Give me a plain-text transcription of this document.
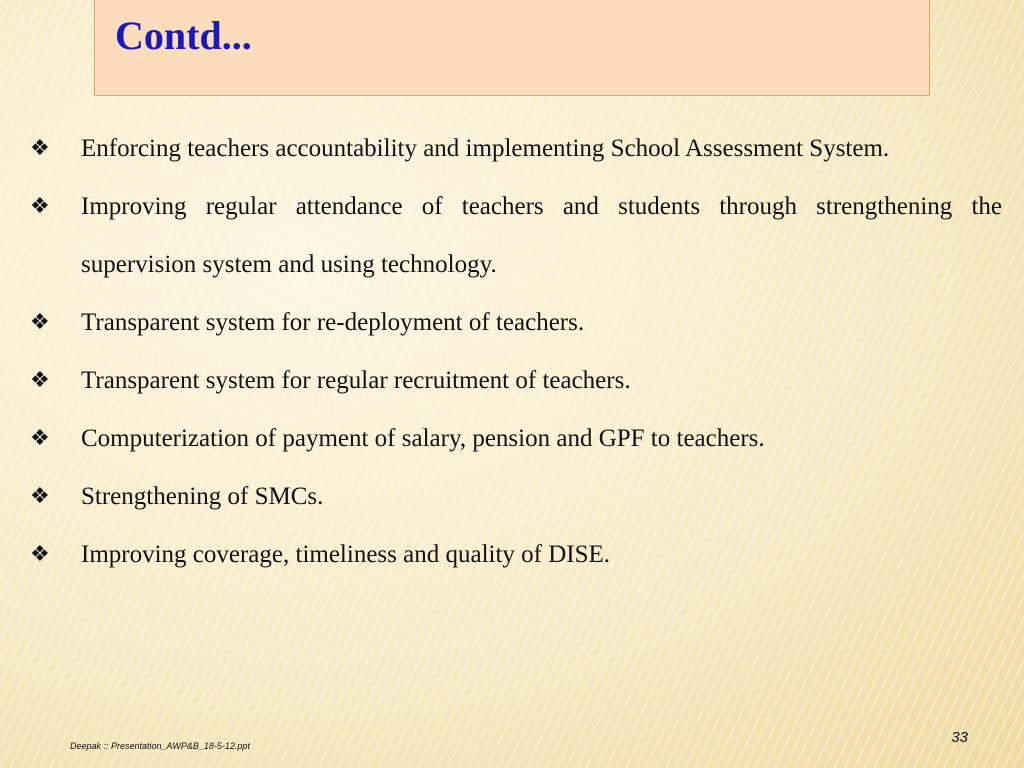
Contd...
❖	Enforcing teachers accountability and implementing School Assessment System.
❖	Improving regular attendance of teachers and students through strengthening the supervision system and using technology.
❖	Transparent system for re-deployment of teachers.
❖	Transparent system for regular recruitment of teachers.
❖	Computerization of payment of salary, pension and GPF to teachers.
❖	Strengthening of SMCs.
❖	Improving coverage, timeliness and quality of DISE.
Deepak :: Presentation_AWP&B_18-5-12.ppt	33
